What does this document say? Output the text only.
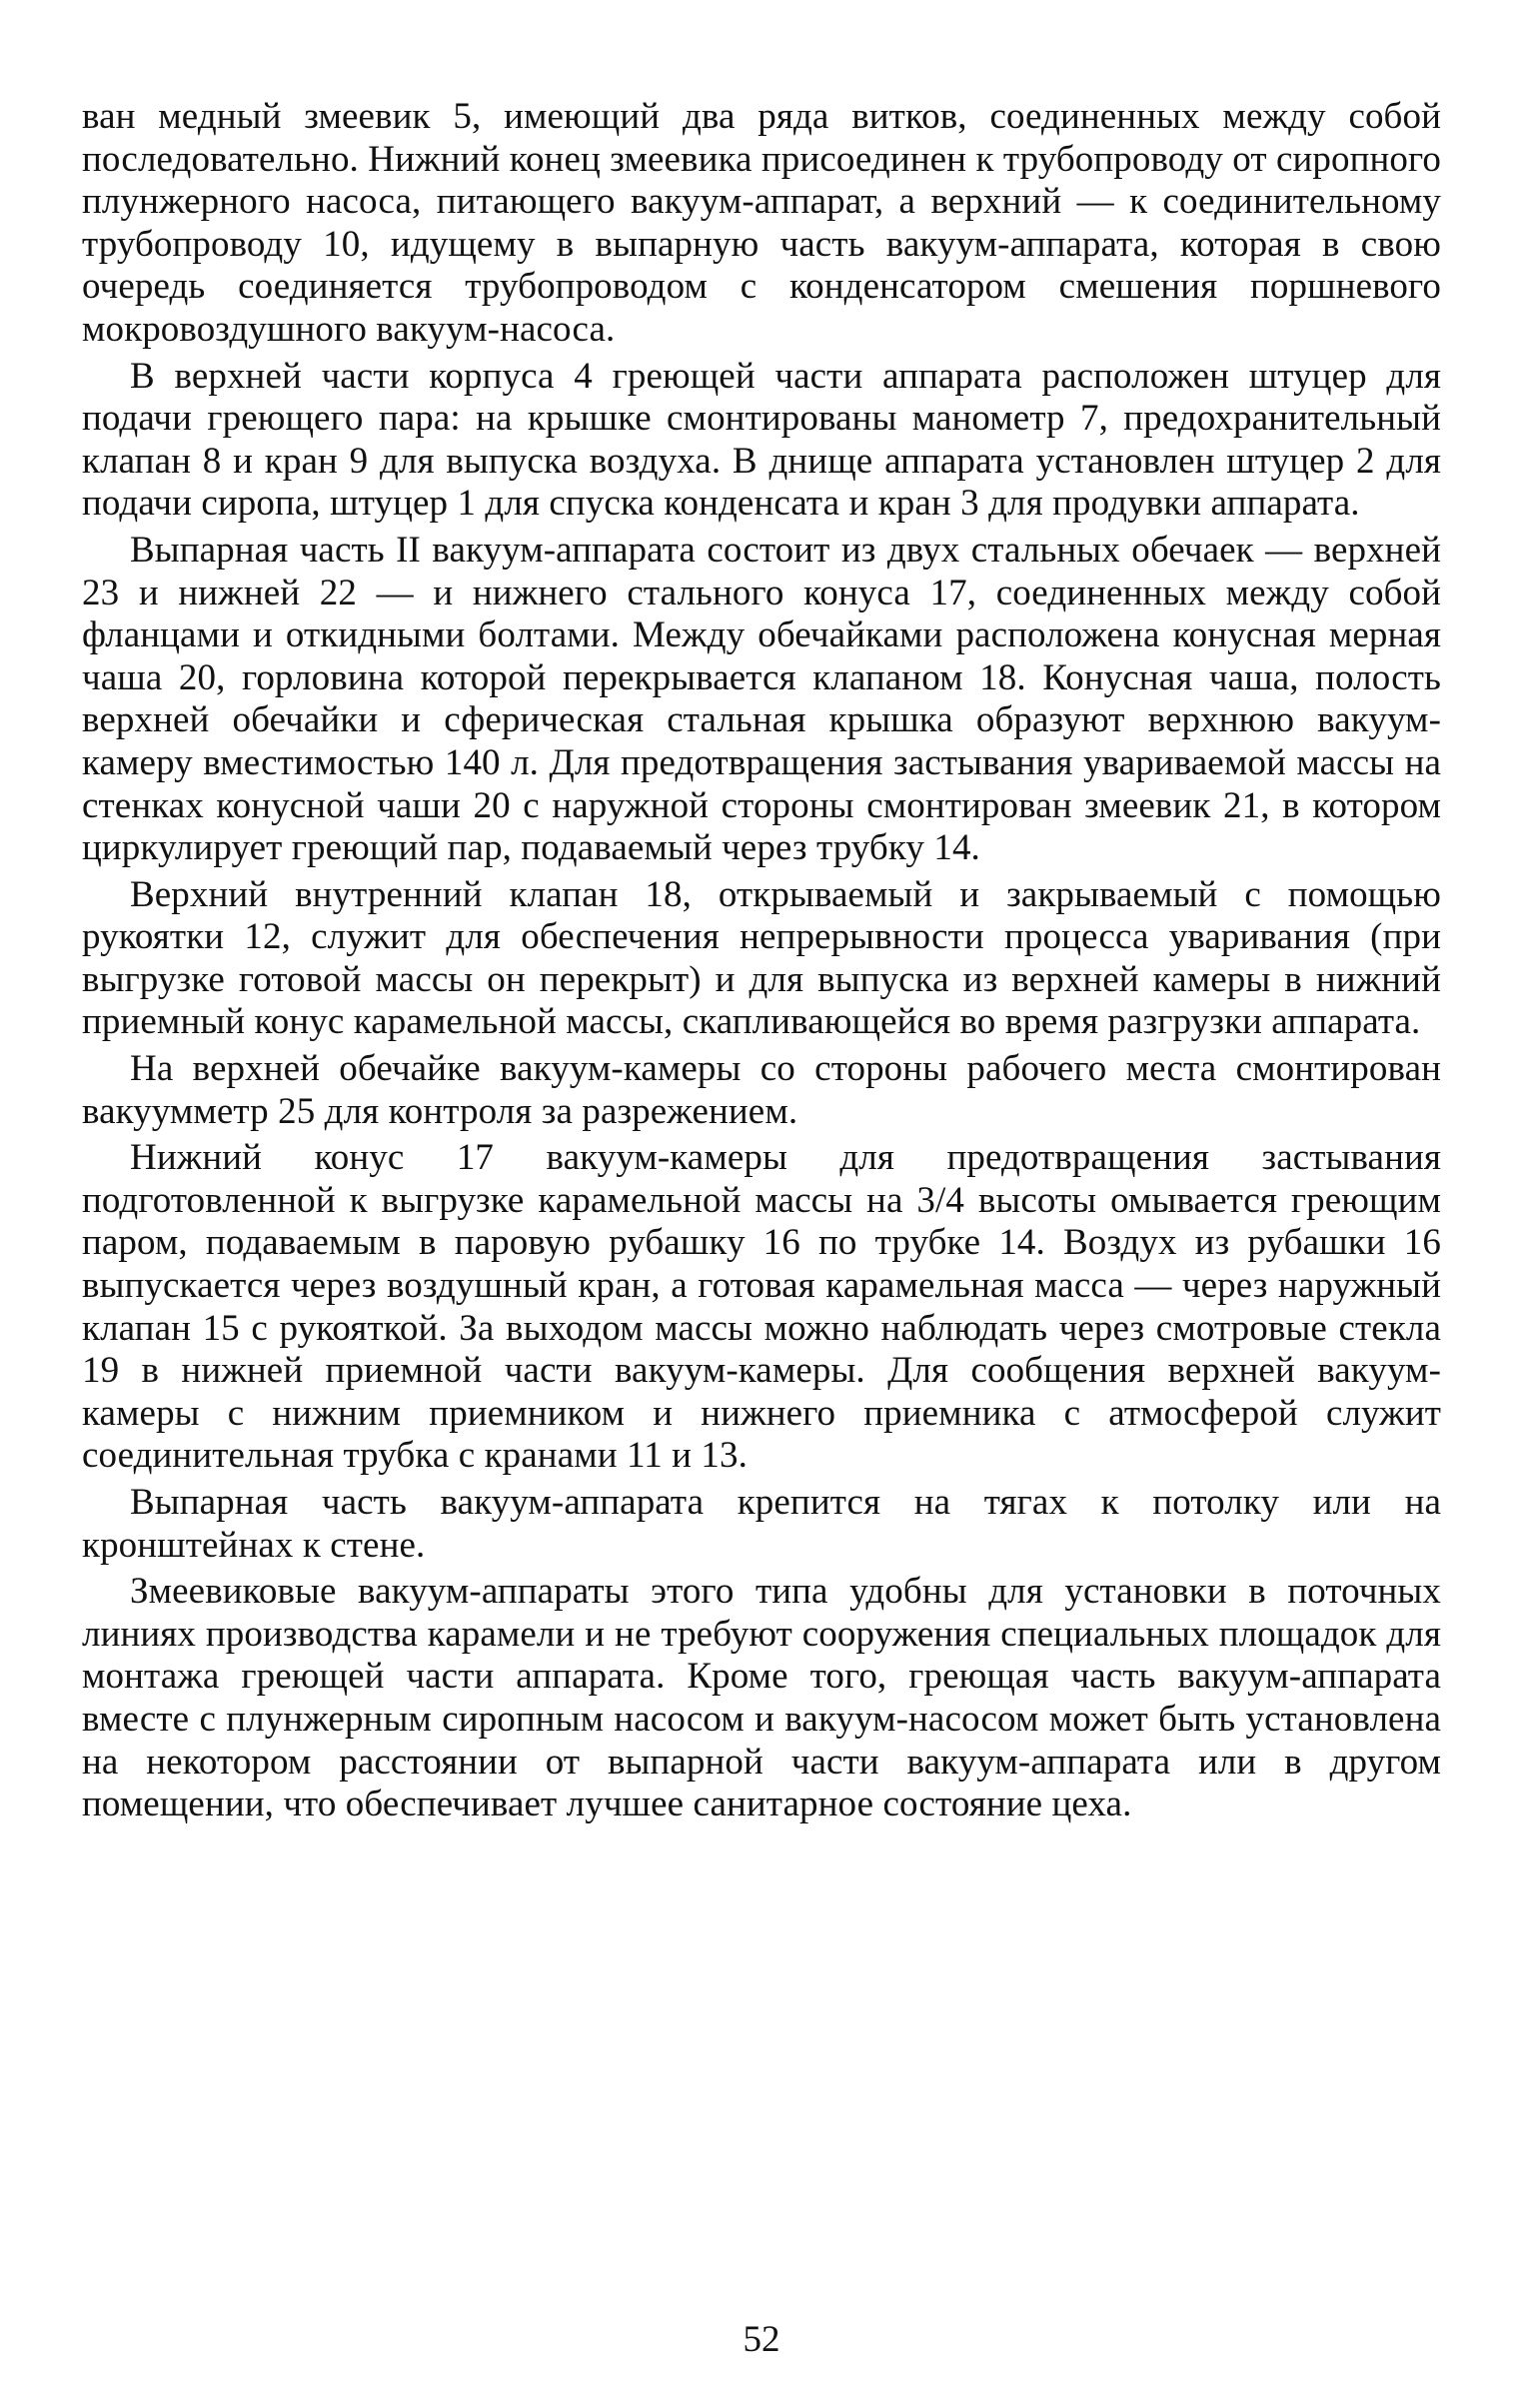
ван медный змеевик 5, имеющий два ряда витков, соединенных между собой последовательно. Нижний конец змеевика присоединен к трубопроводу от сиропного плунжерного насоса, питающего вакуум-аппарат, а верхний — к соединительному трубопроводу 10, идущему в выпарную часть вакуум-аппарата, которая в свою очередь соединяется трубопроводом с конденсатором смешения поршневого мокровоздушного вакуум-насоса.

В верхней части корпуса 4 греющей части аппарата расположен штуцер для подачи греющего пара: на крышке смонтированы манометр 7, предохранительный клапан 8 и кран 9 для выпуска воздуха. В днище аппарата установлен штуцер 2 для подачи сиропа, штуцер 1 для спуска конденсата и кран 3 для продувки аппарата.

Выпарная часть II вакуум-аппарата состоит из двух стальных обечаек — верхней 23 и нижней 22 — и нижнего стального конуса 17, соединенных между собой фланцами и откидными болтами. Между обечайками расположена конусная мерная чаша 20, горловина которой перекрывается клапаном 18. Конусная чаша, полость верхней обечайки и сферическая стальная крышка образуют верхнюю вакуум-камеру вместимостью 140 л. Для предотвращения застывания увариваемой массы на стенках конусной чаши 20 с наружной стороны смонтирован змеевик 21, в котором циркулирует греющий пар, подаваемый через трубку 14.

Верхний внутренний клапан 18, открываемый и закрываемый с помощью рукоятки 12, служит для обеспечения непрерывности процесса уваривания (при выгрузке готовой массы он перекрыт) и для выпуска из верхней камеры в нижний приемный конус карамельной массы, скапливающейся во время разгрузки аппарата.

На верхней обечайке вакуум-камеры со стороны рабочего места смонтирован вакуумметр 25 для контроля за разрежением.

Нижний конус 17 вакуум-камеры для предотвращения застывания подготовленной к выгрузке карамельной массы на 3/4 высоты омывается греющим паром, подаваемым в паровую рубашку 16 по трубке 14. Воздух из рубашки 16 выпускается через воздушный кран, а готовая карамельная масса — через наружный клапан 15 с рукояткой. За выходом массы можно наблюдать через смотровые стекла 19 в нижней приемной части вакуум-камеры. Для сообщения верхней вакуум-камеры с нижним приемником и нижнего приемника с атмосферой служит соединительная трубка с кранами 11 и 13.

Выпарная часть вакуум-аппарата крепится на тягах к потолку или на кронштейнах к стене.

Змеевиковые вакуум-аппараты этого типа удобны для установки в поточных линиях производства карамели и не требуют сооружения специальных площадок для монтажа греющей части аппарата. Кроме того, греющая часть вакуум-аппарата вместе с плунжерным сиропным насосом и вакуум-насосом может быть установлена на некотором расстоянии от выпарной части вакуум-аппарата или в другом помещении, что обеспечивает лучшее санитарное состояние цеха.

52
